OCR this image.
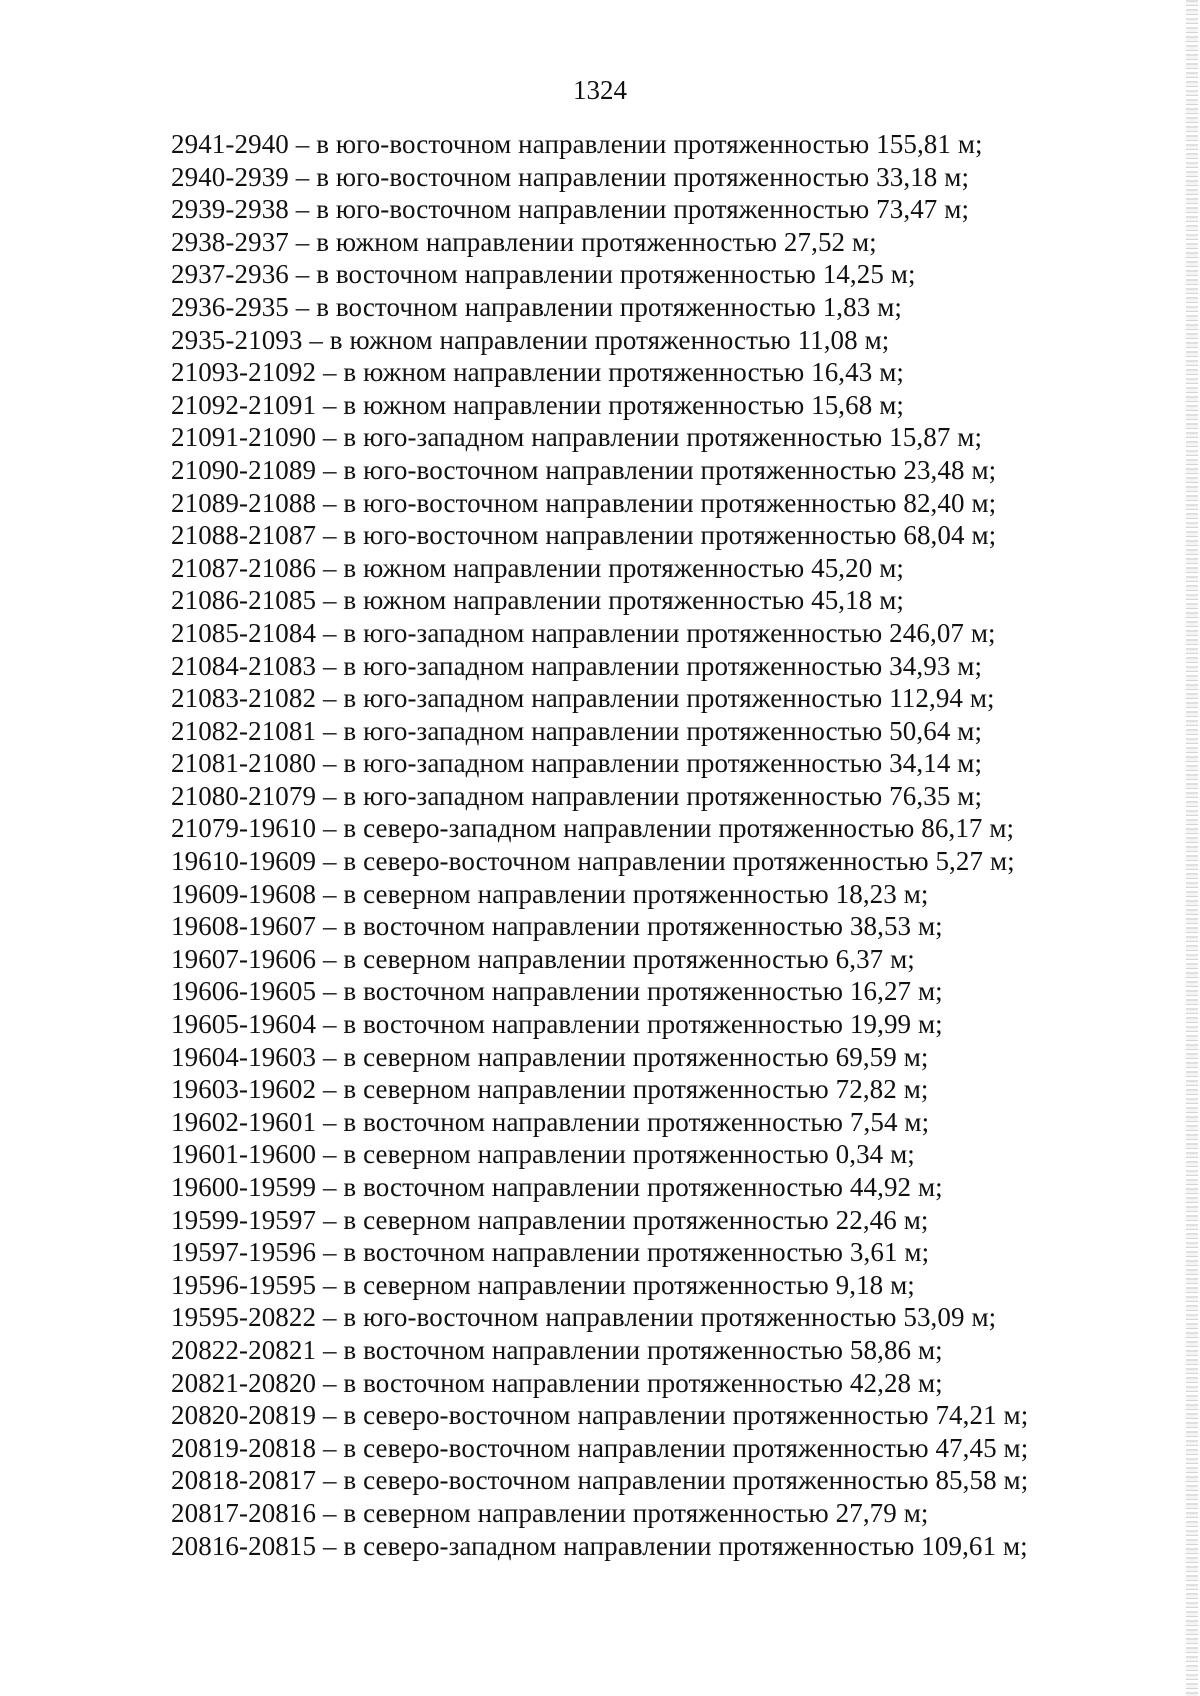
1324
2941-2940 – в юго-восточном направлении протяженностью 155,81 м;
2940-2939 – в юго-восточном направлении протяженностью 33,18 м;
2939-2938 – в юго-восточном направлении протяженностью 73,47 м;
2938-2937 – в южном направлении протяженностью 27,52 м;
2937-2936 – в восточном направлении протяженностью 14,25 м;
2936-2935 – в восточном направлении протяженностью 1,83 м;
2935-21093 – в южном направлении протяженностью 11,08 м;
21093-21092 – в южном направлении протяженностью 16,43 м;
21092-21091 – в южном направлении протяженностью 15,68 м;
21091-21090 – в юго-западном направлении протяженностью 15,87 м;
21090-21089 – в юго-восточном направлении протяженностью 23,48 м;
21089-21088 – в юго-восточном направлении протяженностью 82,40 м;
21088-21087 – в юго-восточном направлении протяженностью 68,04 м;
21087-21086 – в южном направлении протяженностью 45,20 м;
21086-21085 – в южном направлении протяженностью 45,18 м;
21085-21084 – в юго-западном направлении протяженностью 246,07 м;
21084-21083 – в юго-западном направлении протяженностью 34,93 м;
21083-21082 – в юго-западном направлении протяженностью 112,94 м;
21082-21081 – в юго-западном направлении протяженностью 50,64 м;
21081-21080 – в юго-западном направлении протяженностью 34,14 м;
21080-21079 – в юго-западном направлении протяженностью 76,35 м;
21079-19610 – в северо-западном направлении протяженностью 86,17 м;
19610-19609 – в северо-восточном направлении протяженностью 5,27 м;
19609-19608 – в северном направлении протяженностью 18,23 м;
19608-19607 – в восточном направлении протяженностью 38,53 м;
19607-19606 – в северном направлении протяженностью 6,37 м;
19606-19605 – в восточном направлении протяженностью 16,27 м;
19605-19604 – в восточном направлении протяженностью 19,99 м;
19604-19603 – в северном направлении протяженностью 69,59 м;
19603-19602 – в северном направлении протяженностью 72,82 м;
19602-19601 – в восточном направлении протяженностью 7,54 м;
19601-19600 – в северном направлении протяженностью 0,34 м;
19600-19599 – в восточном направлении протяженностью 44,92 м;
19599-19597 – в северном направлении протяженностью 22,46 м;
19597-19596 – в восточном направлении протяженностью 3,61 м;
19596-19595 – в северном направлении протяженностью 9,18 м;
19595-20822 – в юго-восточном направлении протяженностью 53,09 м;
20822-20821 – в восточном направлении протяженностью 58,86 м;
20821-20820 – в восточном направлении протяженностью 42,28 м;
20820-20819 – в северо-восточном направлении протяженностью 74,21 м;
20819-20818 – в северо-восточном направлении протяженностью 47,45 м;
20818-20817 – в северо-восточном направлении протяженностью 85,58 м;
20817-20816 – в северном направлении протяженностью 27,79 м;
20816-20815 – в северо-западном направлении протяженностью 109,61 м;
